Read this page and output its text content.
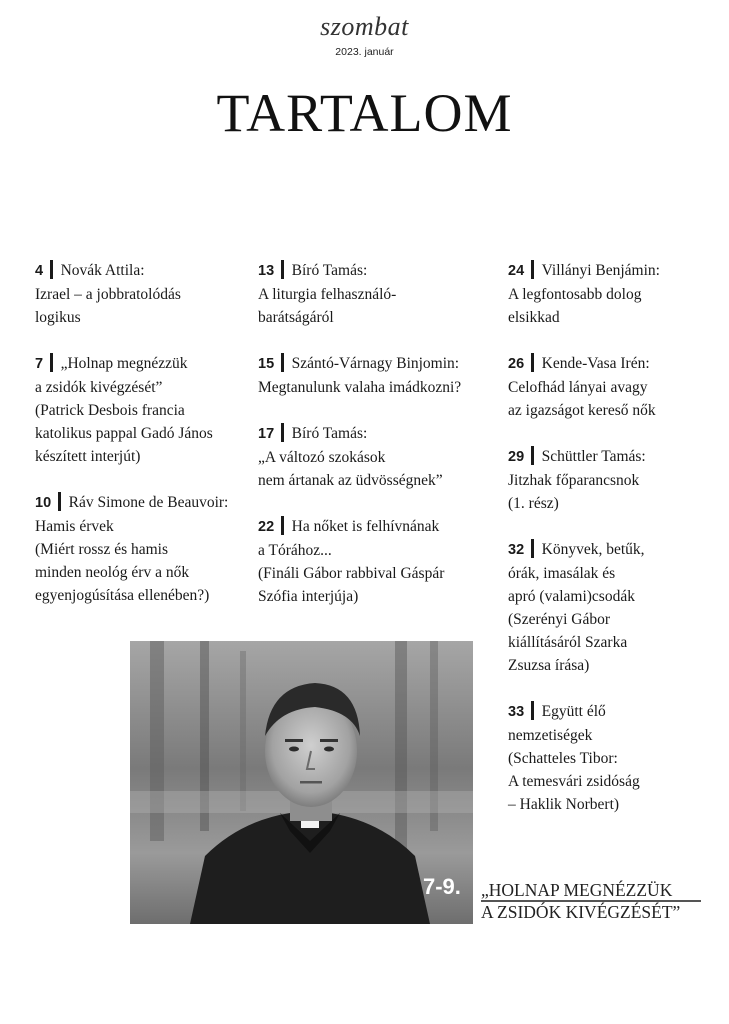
szombat
2023. január
TARTALOM
4 Novák Attila:
Izrael – a jobbratolódás
logikus
7 „Holnap megnézzük
a zsidók kivégzését”
(Patrick Desbois francia
katolikus pappal Gadó János
készített interjút)
10 Ráv Simone de Beauvoir:
Hamis érvek
(Miért rossz és hamis
minden neológ érv a nők
egyenjogúsítása ellenében?)
13 Bíró Tamás:
A liturgia felhasználó-
barátságáról
15 Szántó-Várnagy Binjomin:
Megtanulunk valaha imádkozni?
17 Bíró Tamás:
„A változó szokások
nem ártanak az üdvösségnek”
22 Ha nőket is felhívnának
a Tórához...
(Fináli Gábor rabbival Gáspár
Szófia interjúja)
24 Villányi Benjámin:
A legfontosabb dolog
elsikkad
26 Kende-Vasa Irén:
Celofhád lányai avagy
az igazságot kereső nők
29 Schüttler Tamás:
Jitzhak főparancsnok
(1. rész)
32 Könyvek, betűk,
órák, imasálak és
apró (valami)csodák
(Szerényi Gábor
kiállításáról Szarka
Zsuzsa írása)
33 Együtt élő
nemzetiségek
(Schatteles Tibor:
A temesvári zsidóság
– Haklik Norbert)
7-9. „HOLNAP MEGNÉZZÜK
A ZSIDÓK KIVÉGZÉSÉT”
